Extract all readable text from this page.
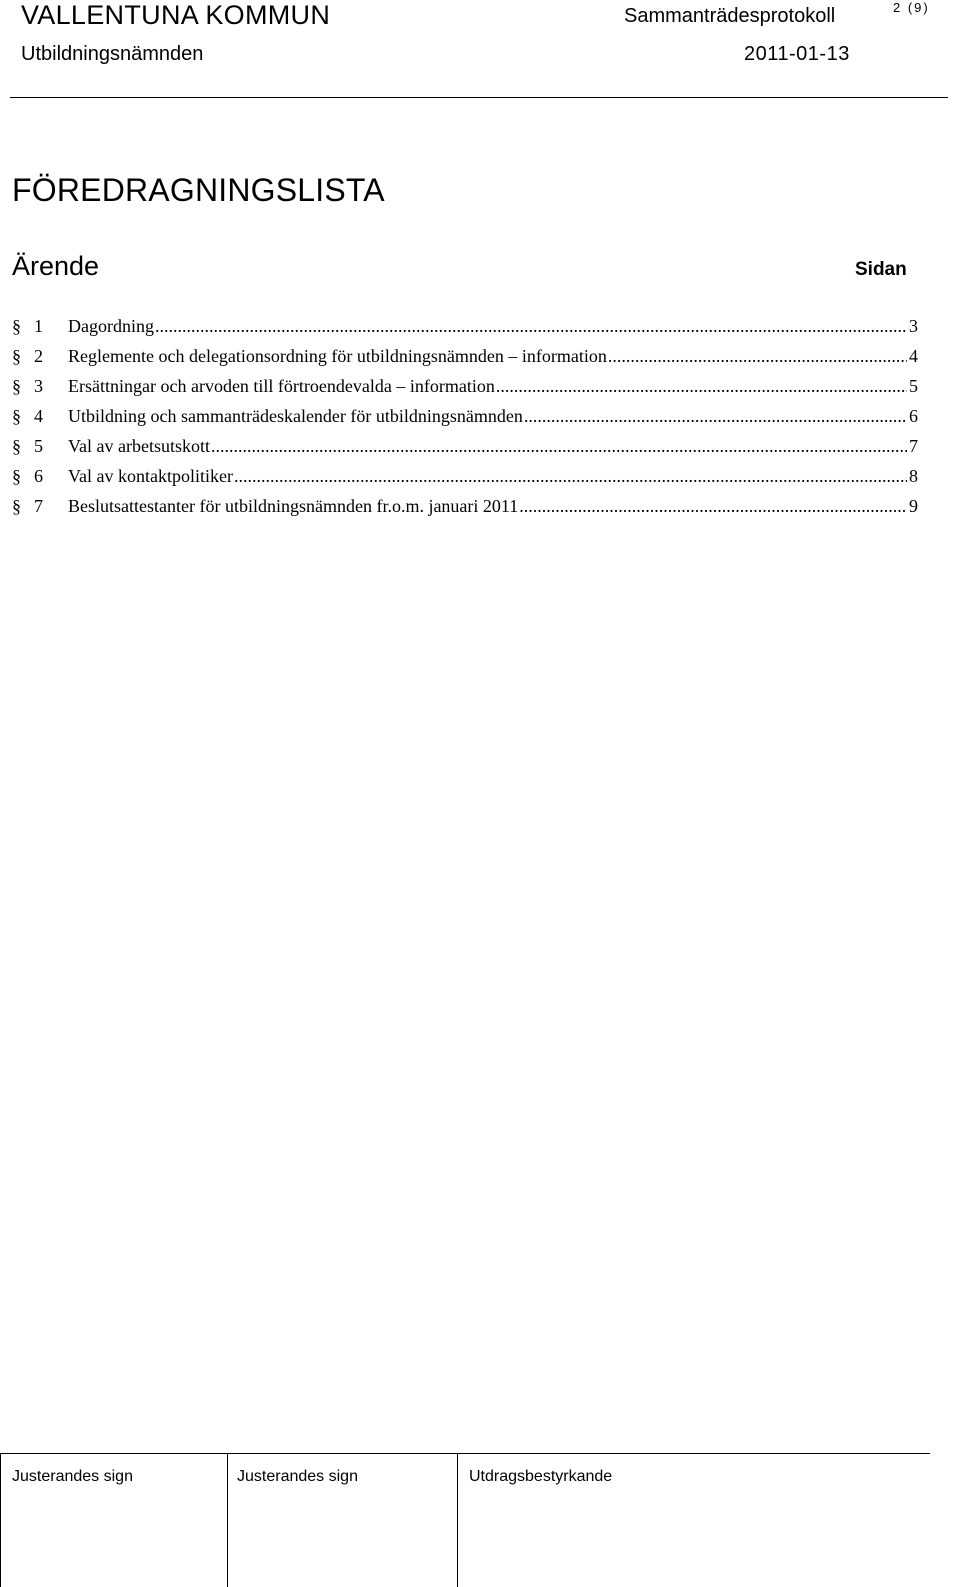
VALLENTUNA KOMMUN	Sammanträdesprotokoll	2 (9)
Utbildningsnämnden	2011-01-13
FÖREDRAGNINGSLISTA
Ärende	Sidan
§ 1	Dagordning .....	3
§ 2	Reglemente och delegationsordning för utbildningsnämnden – information .....	4
§ 3	Ersättningar och arvoden till förtroendevalda – information .....	5
§ 4	Utbildning och sammanträdeskalender för utbildningsnämnden .....	6
§ 5	Val av arbetsutskott .....	7
§ 6	Val av kontaktpolitiker .....	8
§ 7	Beslutsattestanter för utbildningsnämnden fr.o.m. januari 2011 .....	9
Justerandes sign	Justerandes sign	Utdragsbestyrkande
